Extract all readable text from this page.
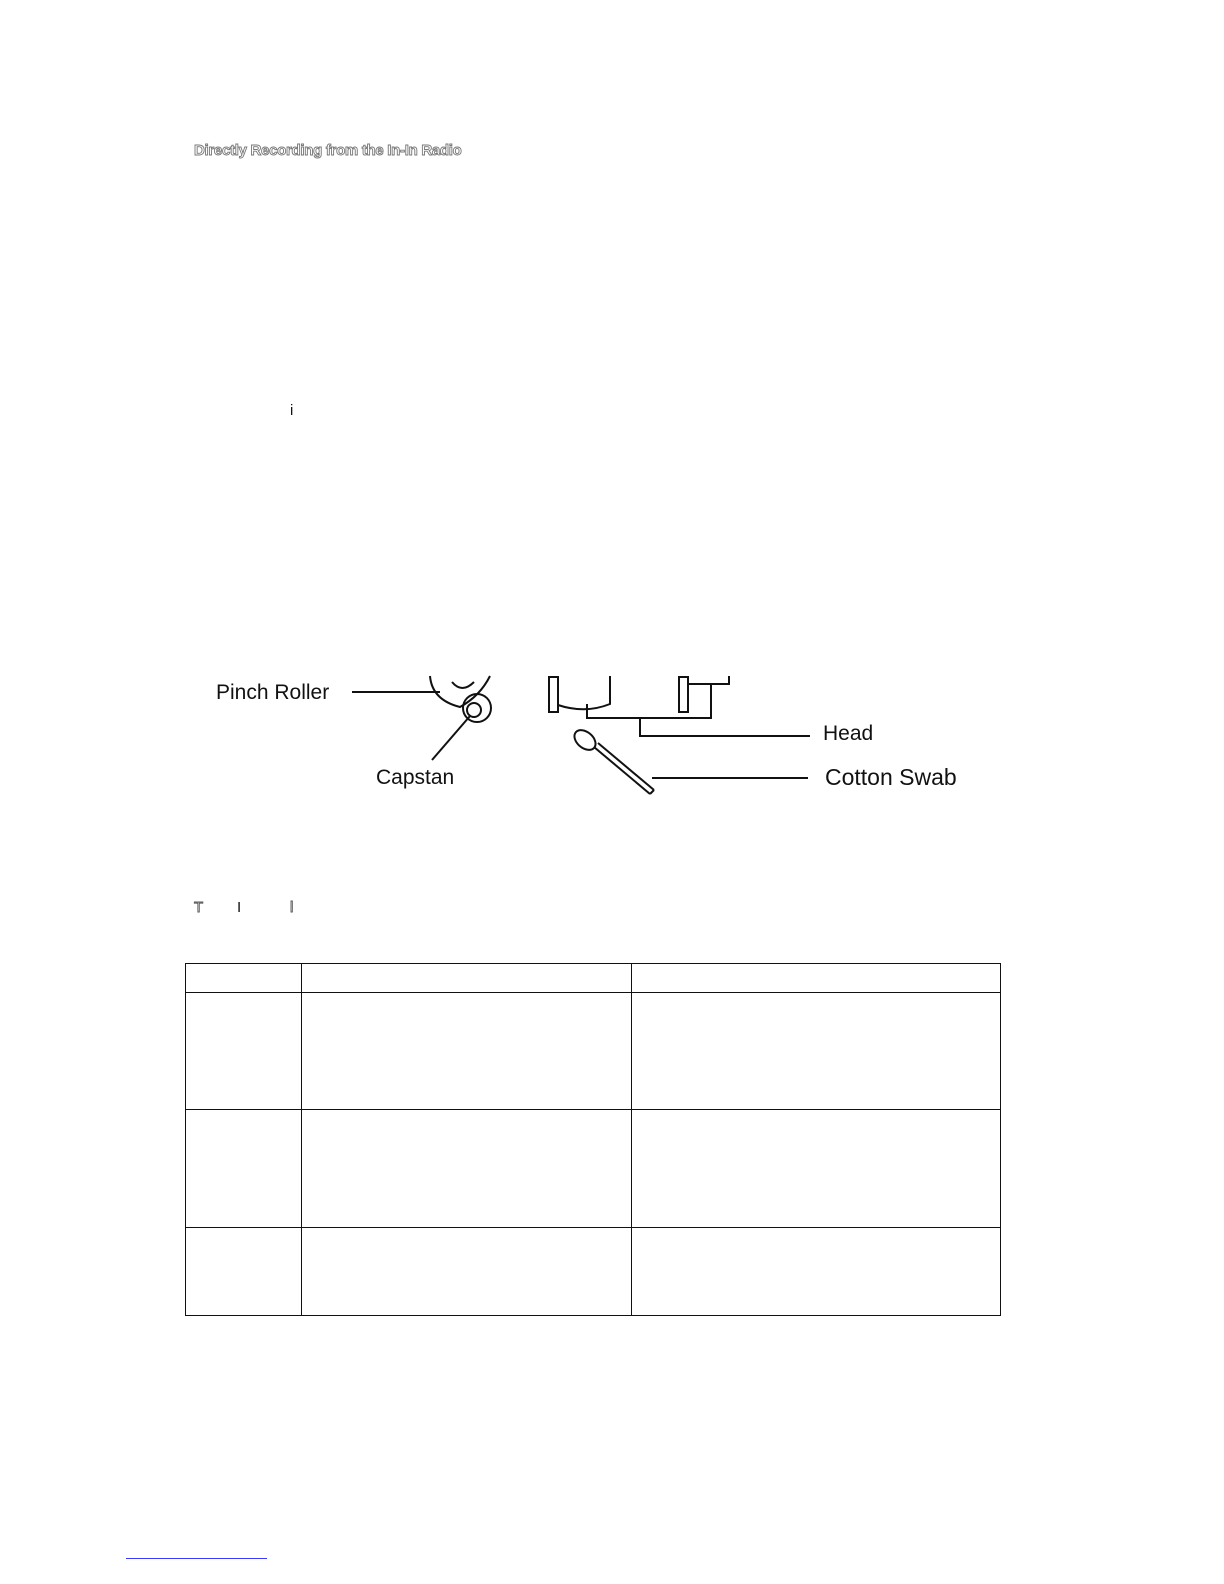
Directly Recording from the In-In Radio
i
Pinch Roller
Capstan
Head
Cotton Swab
T I	l
